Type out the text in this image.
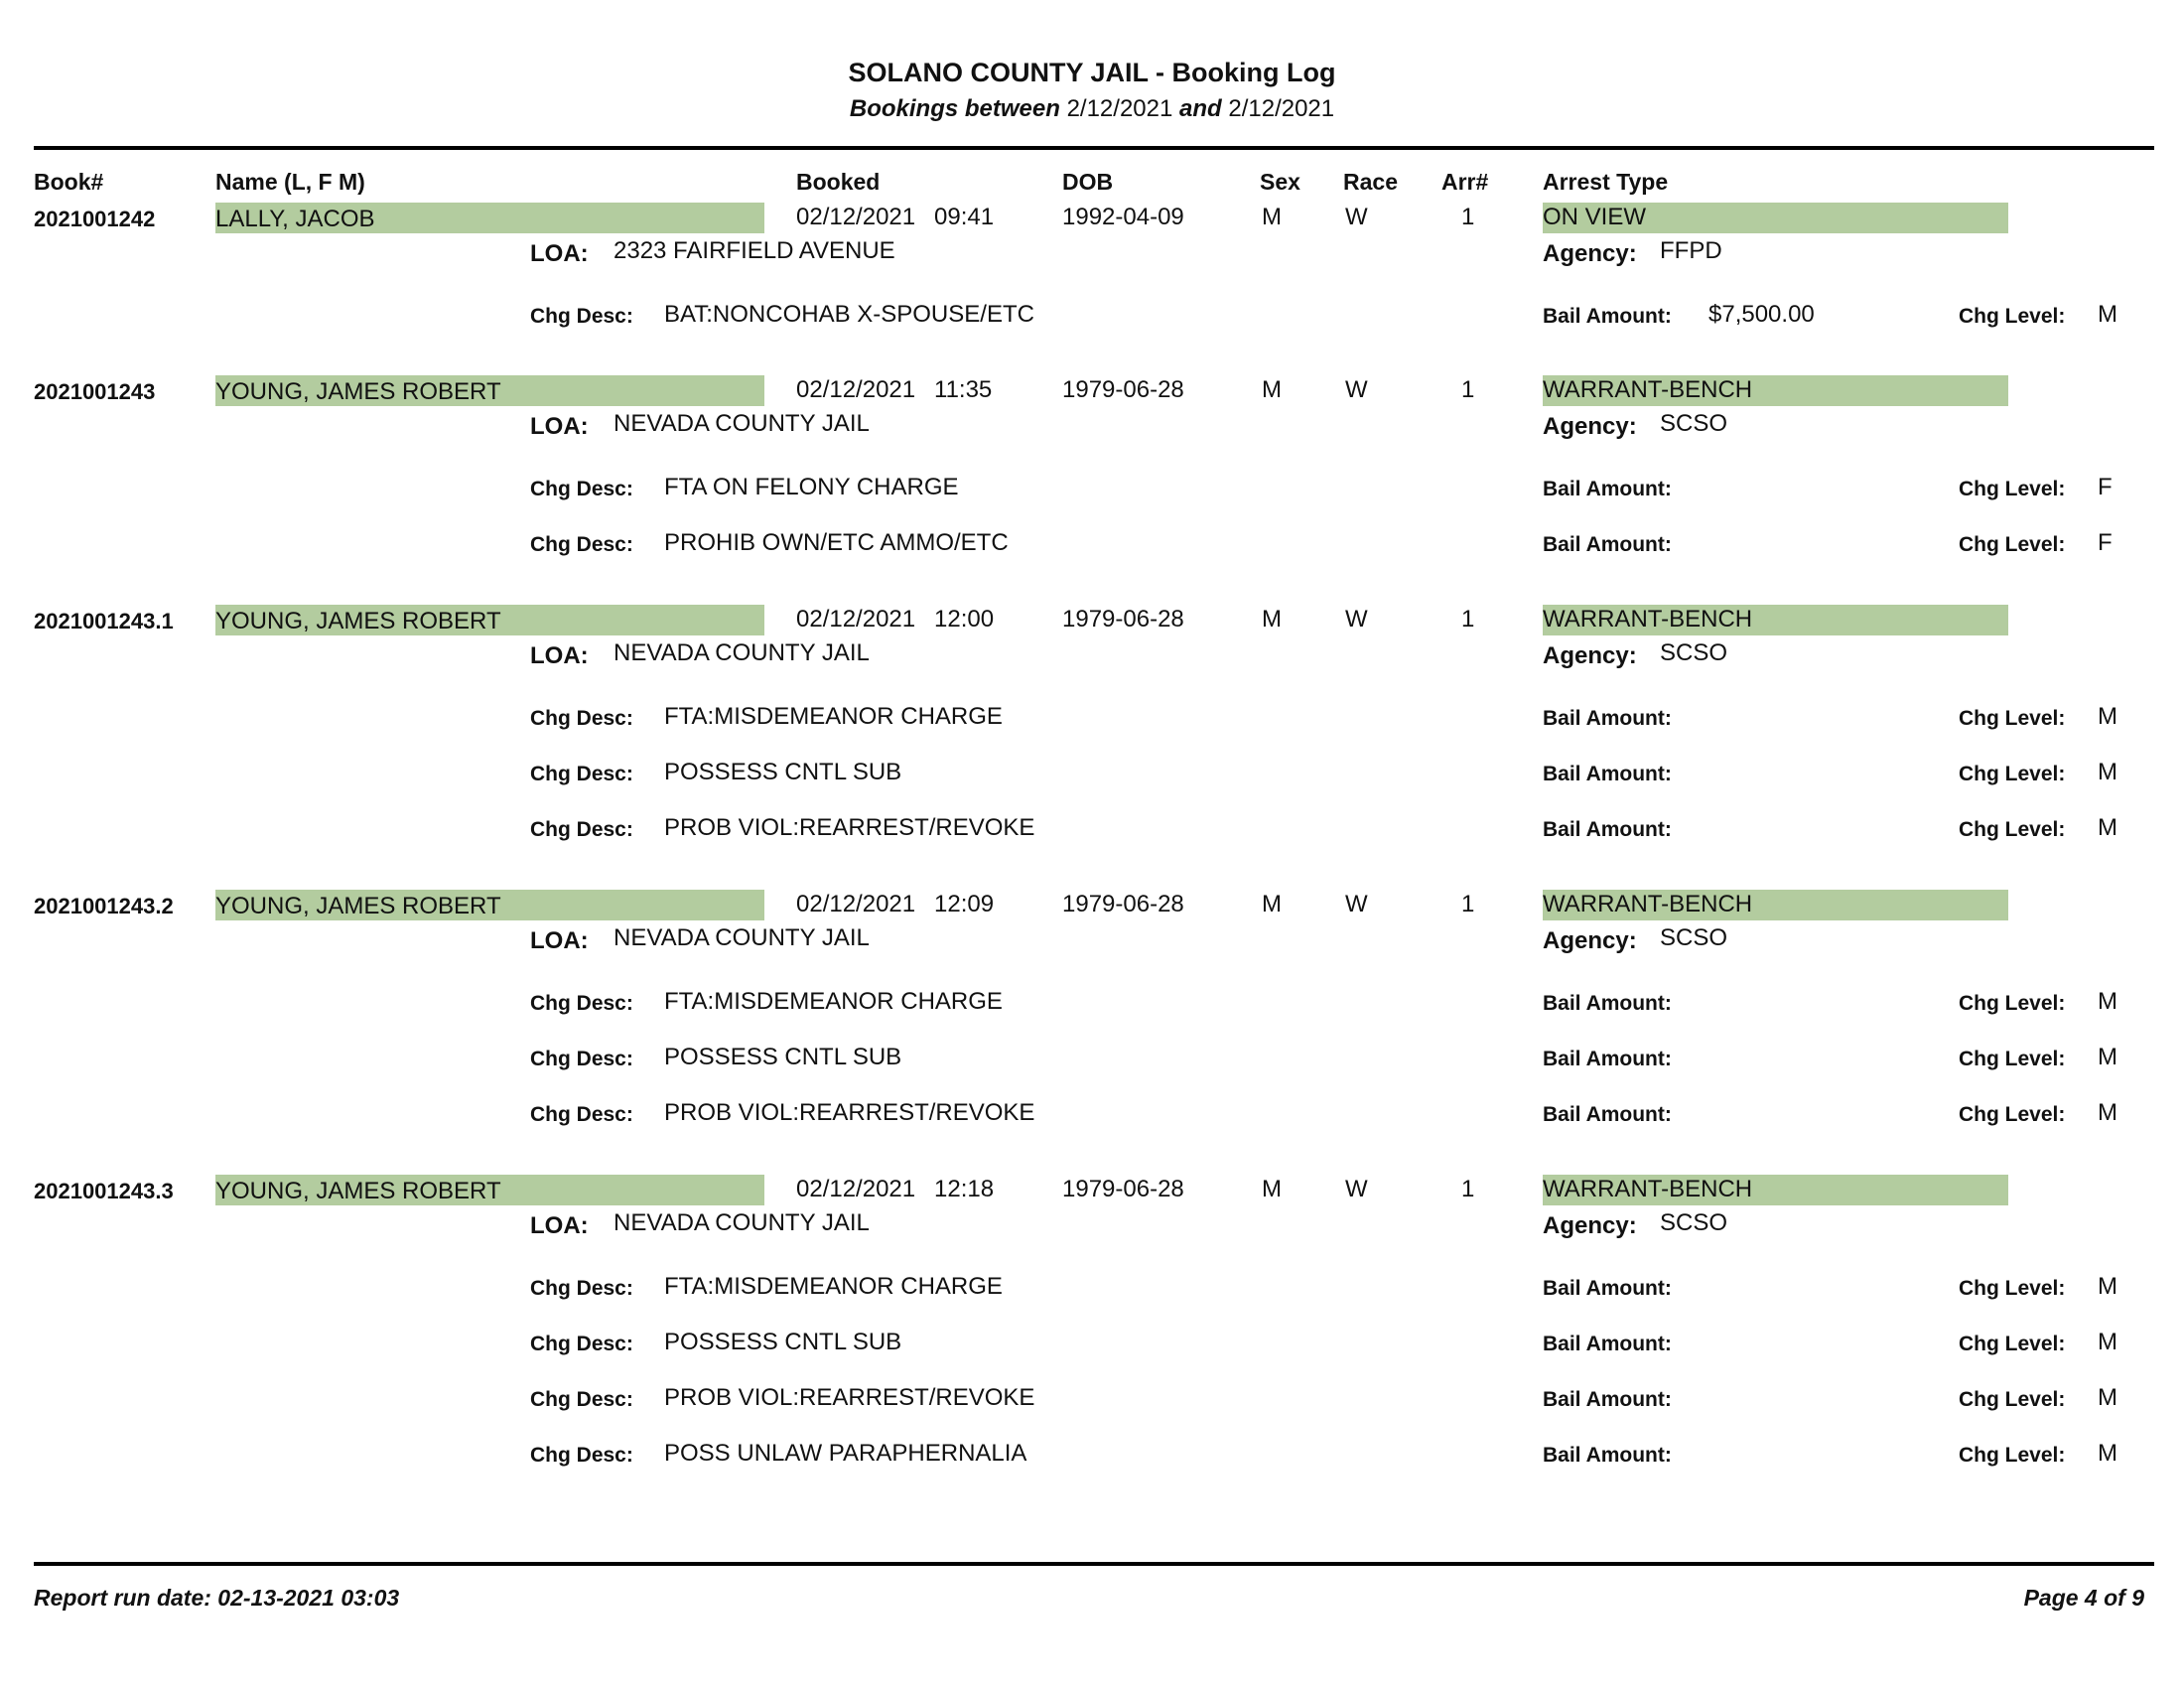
SOLANO COUNTY JAIL - Booking Log
Bookings between 2/12/2021 and 2/12/2021
Book#	Name (L, F M)	Booked	DOB	Sex Race Arr# Arrest Type
2021001242	LALLY, JACOB	02/12/2021 09:41	1992-04-09	M	W	1	ON VIEW
LOA: 2323 FAIRFIELD AVENUE	Agency: FFPD
Chg Desc: BAT:NONCOHAB X-SPOUSE/ETC	Bail Amount: $7,500.00	Chg Level: M
2021001243	YOUNG, JAMES ROBERT	02/12/2021 11:35	1979-06-28	M	W	1	WARRANT-BENCH
LOA: NEVADA COUNTY JAIL	Agency: SCSO
Chg Desc: FTA ON FELONY CHARGE	Bail Amount:	Chg Level: F
Chg Desc: PROHIB OWN/ETC AMMO/ETC	Bail Amount:	Chg Level: F
2021001243.1 YOUNG, JAMES ROBERT	02/12/2021 12:00	1979-06-28	M	W	1	WARRANT-BENCH
LOA: NEVADA COUNTY JAIL	Agency: SCSO
Chg Desc: FTA:MISDEMEANOR CHARGE	Bail Amount:	Chg Level: M
Chg Desc: POSSESS CNTL SUB	Bail Amount:	Chg Level: M
Chg Desc: PROB VIOL:REARREST/REVOKE	Bail Amount:	Chg Level: M
2021001243.2 YOUNG, JAMES ROBERT	02/12/2021 12:09	1979-06-28	M	W	1	WARRANT-BENCH
LOA: NEVADA COUNTY JAIL	Agency: SCSO
Chg Desc: FTA:MISDEMEANOR CHARGE	Bail Amount:	Chg Level: M
Chg Desc: POSSESS CNTL SUB	Bail Amount:	Chg Level: M
Chg Desc: PROB VIOL:REARREST/REVOKE	Bail Amount:	Chg Level: M
2021001243.3 YOUNG, JAMES ROBERT	02/12/2021 12:18	1979-06-28	M	W	1	WARRANT-BENCH
LOA: NEVADA COUNTY JAIL	Agency: SCSO
Chg Desc: FTA:MISDEMEANOR CHARGE	Bail Amount:	Chg Level: M
Chg Desc: POSSESS CNTL SUB	Bail Amount:	Chg Level: M
Chg Desc: PROB VIOL:REARREST/REVOKE	Bail Amount:	Chg Level: M
Chg Desc: POSS UNLAW PARAPHERNALIA	Bail Amount:	Chg Level: M
Report run date: 02-13-2021 03:03	Page 4 of 9
